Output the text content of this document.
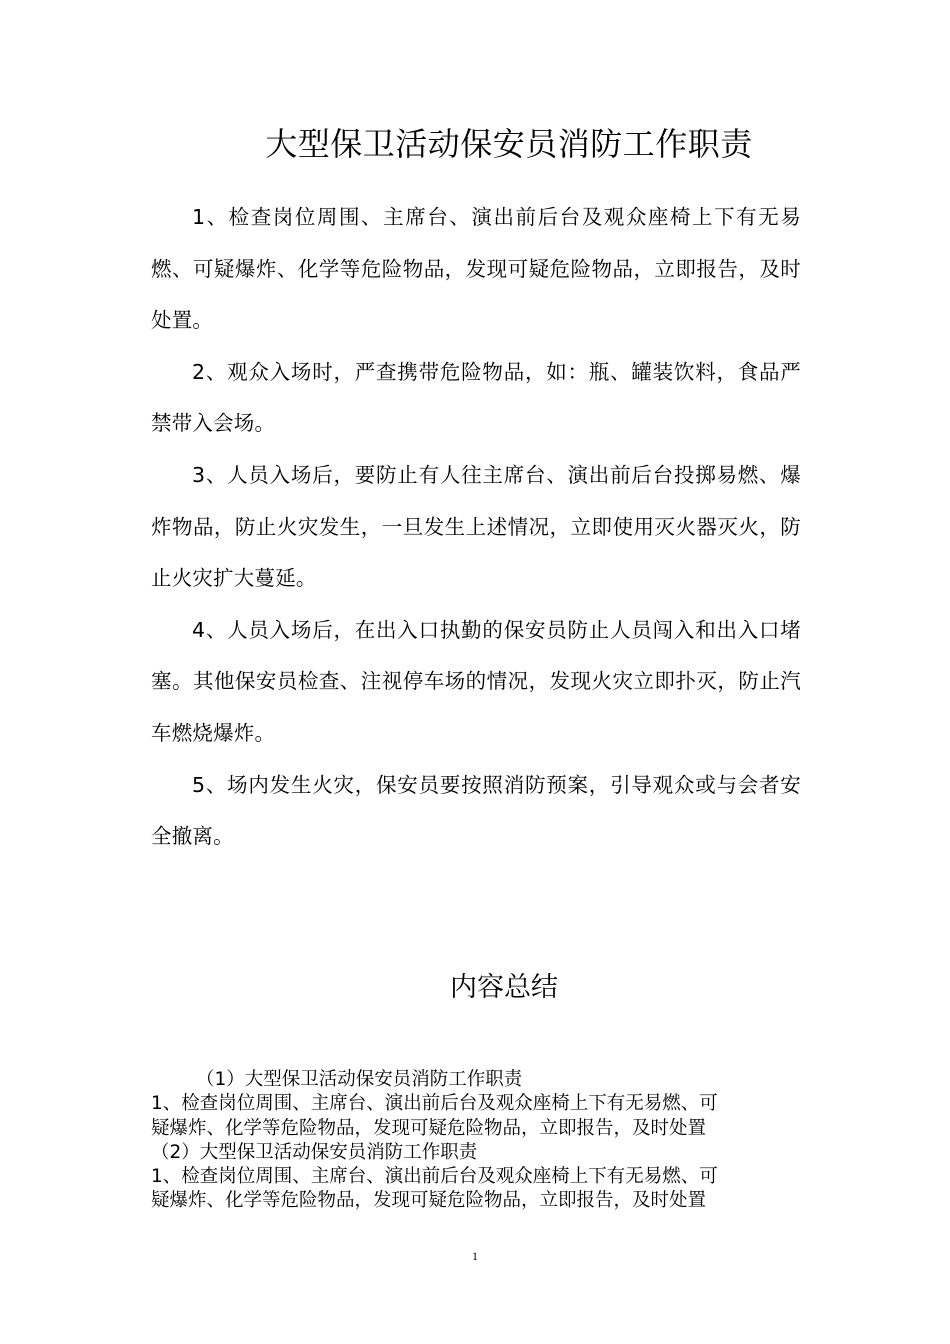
大型保卫活动保安员消防工作职责

1、检查岗位周围、主席台、演出前后台及观众座椅上下有无易燃、可疑爆炸、化学等危险物品，发现可疑危险物品，立即报告，及时处置。

2、观众入场时，严查携带危险物品，如：瓶、罐装饮料，食品严禁带入会场。

3、人员入场后，要防止有人往主席台、演出前后台投掷易燃、爆炸物品，防止火灾发生，一旦发生上述情况，立即使用灭火器灭火，防止火灾扩大蔓延。

4、人员入场后，在出入口执勤的保安员防止人员闯入和出入口堵塞。其他保安员检查、注视停车场的情况，发现火灾立即扑灭，防止汽车燃烧爆炸。

5、场内发生火灾，保安员要按照消防预案，引导观众或与会者安全撤离。

内容总结

（1）大型保卫活动保安员消防工作职责

1、检查岗位周围、主席台、演出前后台及观众座椅上下有无易燃、可

疑爆炸、化学等危险物品，发现可疑危险物品，立即报告，及时处置

（2）大型保卫活动保安员消防工作职责

1、检查岗位周围、主席台、演出前后台及观众座椅上下有无易燃、可

疑爆炸、化学等危险物品，发现可疑危险物品，立即报告，及时处置

1
